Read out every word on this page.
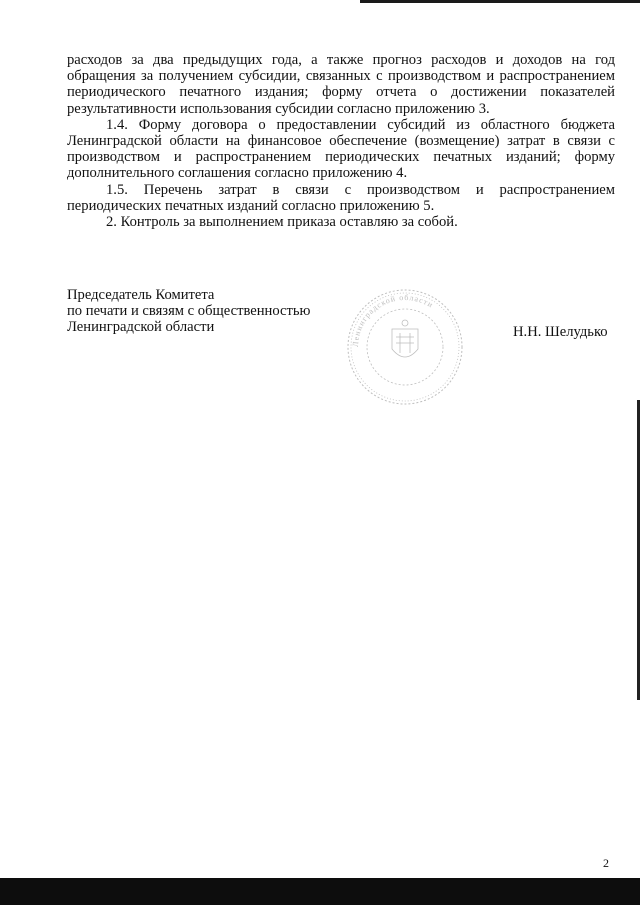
расходов за два предыдущих года, а также прогноз расходов и доходов на год обращения за получением субсидии, связанных с производством и распространением периодического печатного издания; форму отчета о достижении показателей результативности использования субсидии согласно приложению 3.

1.4. Форму договора о предоставлении субсидий из областного бюджета Ленинградской области на финансовое обеспечение (возмещение) затрат в связи с производством и распространением периодических печатных изданий; форму дополнительного соглашения согласно приложению 4.

1.5. Перечень затрат в связи с производством и распространением периодических печатных изданий согласно приложению 5.

2. Контроль за выполнением приказа оставляю за собой.

Председатель Комитета
по печати и связям с общественностью
Ленинградской области
Ленинградской области
Н.Н. Шелудько
2
